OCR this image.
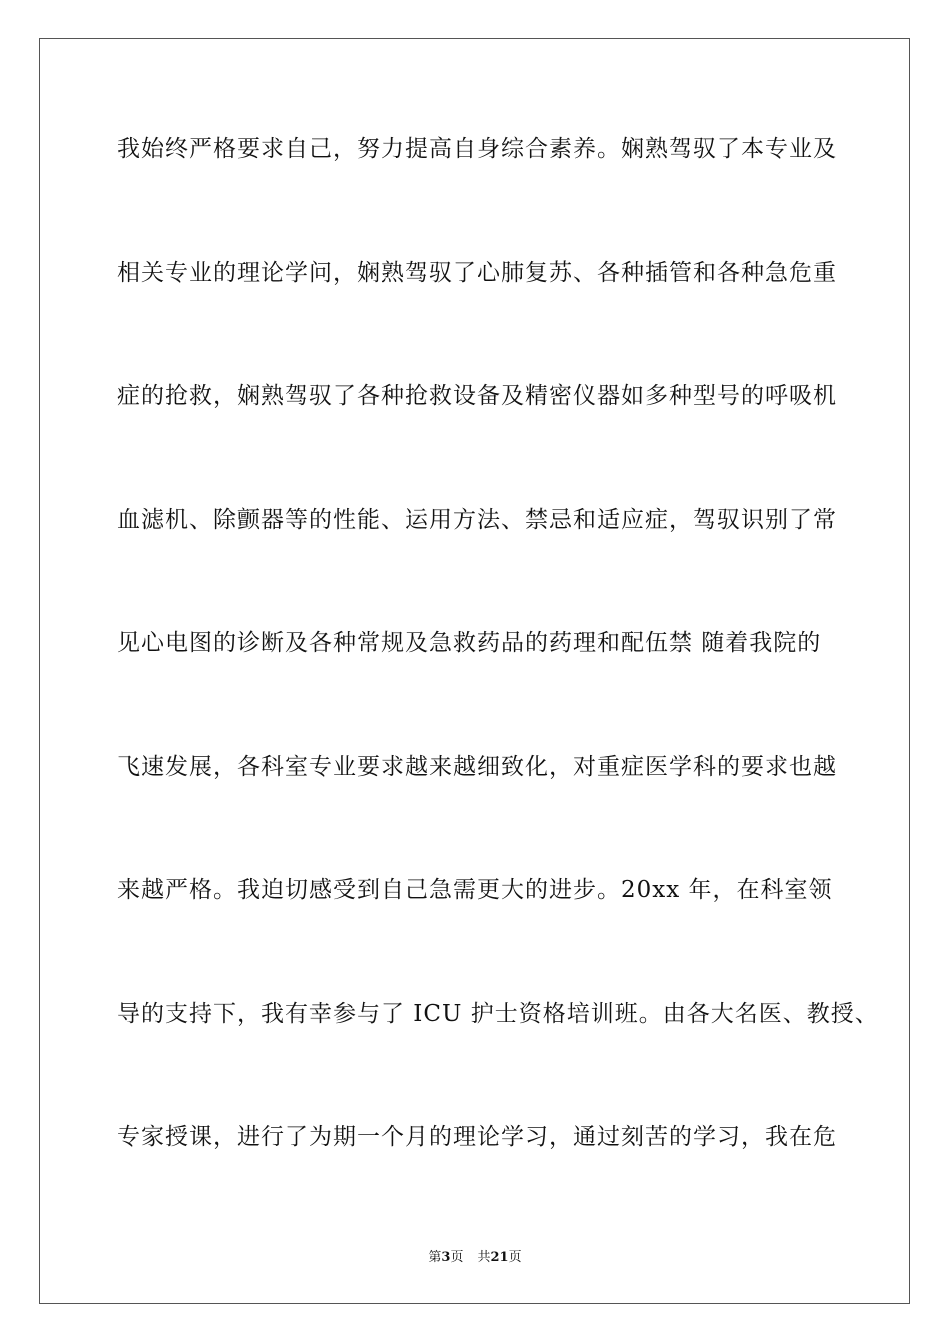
我始终严格要求自己，努力提高自身综合素养。娴熟驾驭了本专业及
相关专业的理论学问，娴熟驾驭了心肺复苏、各种插管和各种急危重
症的抢救，娴熟驾驭了各种抢救设备及精密仪器如多种型号的呼吸机
血滤机、除颤器等的性能、运用方法、禁忌和适应症，驾驭识别了常
见心电图的诊断及各种常规及急救药品的药理和配伍禁 随着我院的
飞速发展，各科室专业要求越来越细致化，对重症医学科的要求也越
来越严格。我迫切感受到自己急需更大的进步。20xx 年，在科室领
导的支持下，我有幸参与了 ICU 护士资格培训班。由各大名医、教授、
专家授课，进行了为期一个月的理论学习，通过刻苦的学习，我在危
第3页 共21页
